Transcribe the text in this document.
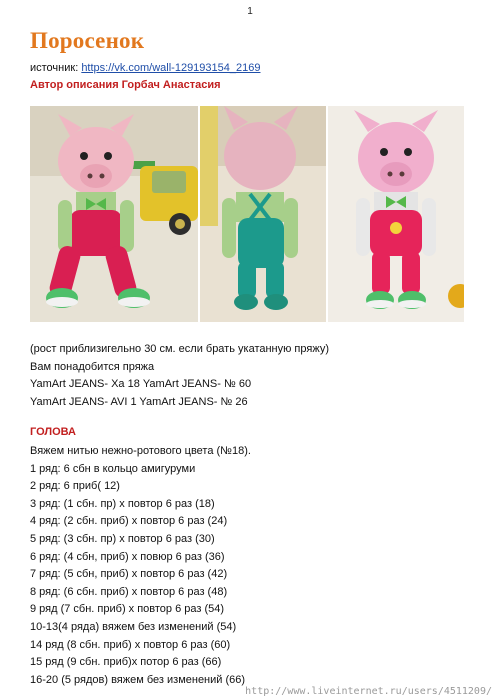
1
Поросенок
источник: https://vk.com/wall-129193154_2169
Автор описания Горбач Анастасия
(рост приблизигельно 30 см. если брать укатанную пряжу)
Вам понадобится пряжа
YamArt JEANS- Ха 18 YamArt JEANS- № 60
YamArt JEANS- AVI 1 YamArt JEANS- № 26
ГОЛОВА
Вяжем нитью нежно-ротового цвета (№18).
1 ряд: 6 сбн в кольцо амигуруми
2 ряд: 6 приб( 12)
3 ряд: (1 сбн. пр) х повтор 6 раз (18)
4 ряд: (2 сбн. приб) х повтор 6 раз (24)
5 ряд: (3 сбн. пр) х повтор 6 раз (30)
6 ряд: (4 сбн, приб) х повюр 6 раз (36)
7 ряд: (5 сбн, приб) х повтор 6 раз (42)
8 ряд: (6 сбн. приб) х повтор 6 раз (48)
9 ряд (7 сбн. приб) х повтор 6 раз (54)
10-13(4 ряда) вяжем без изменений (54)
14 ряд (8 сбн. приб) х повтор 6 раз (60)
15 ряд (9 сбн. приб)х потор 6 раз (66)
16-20 (5 рядов) вяжем без изменений (66)
http://www.liveinternet.ru/users/4511209/
